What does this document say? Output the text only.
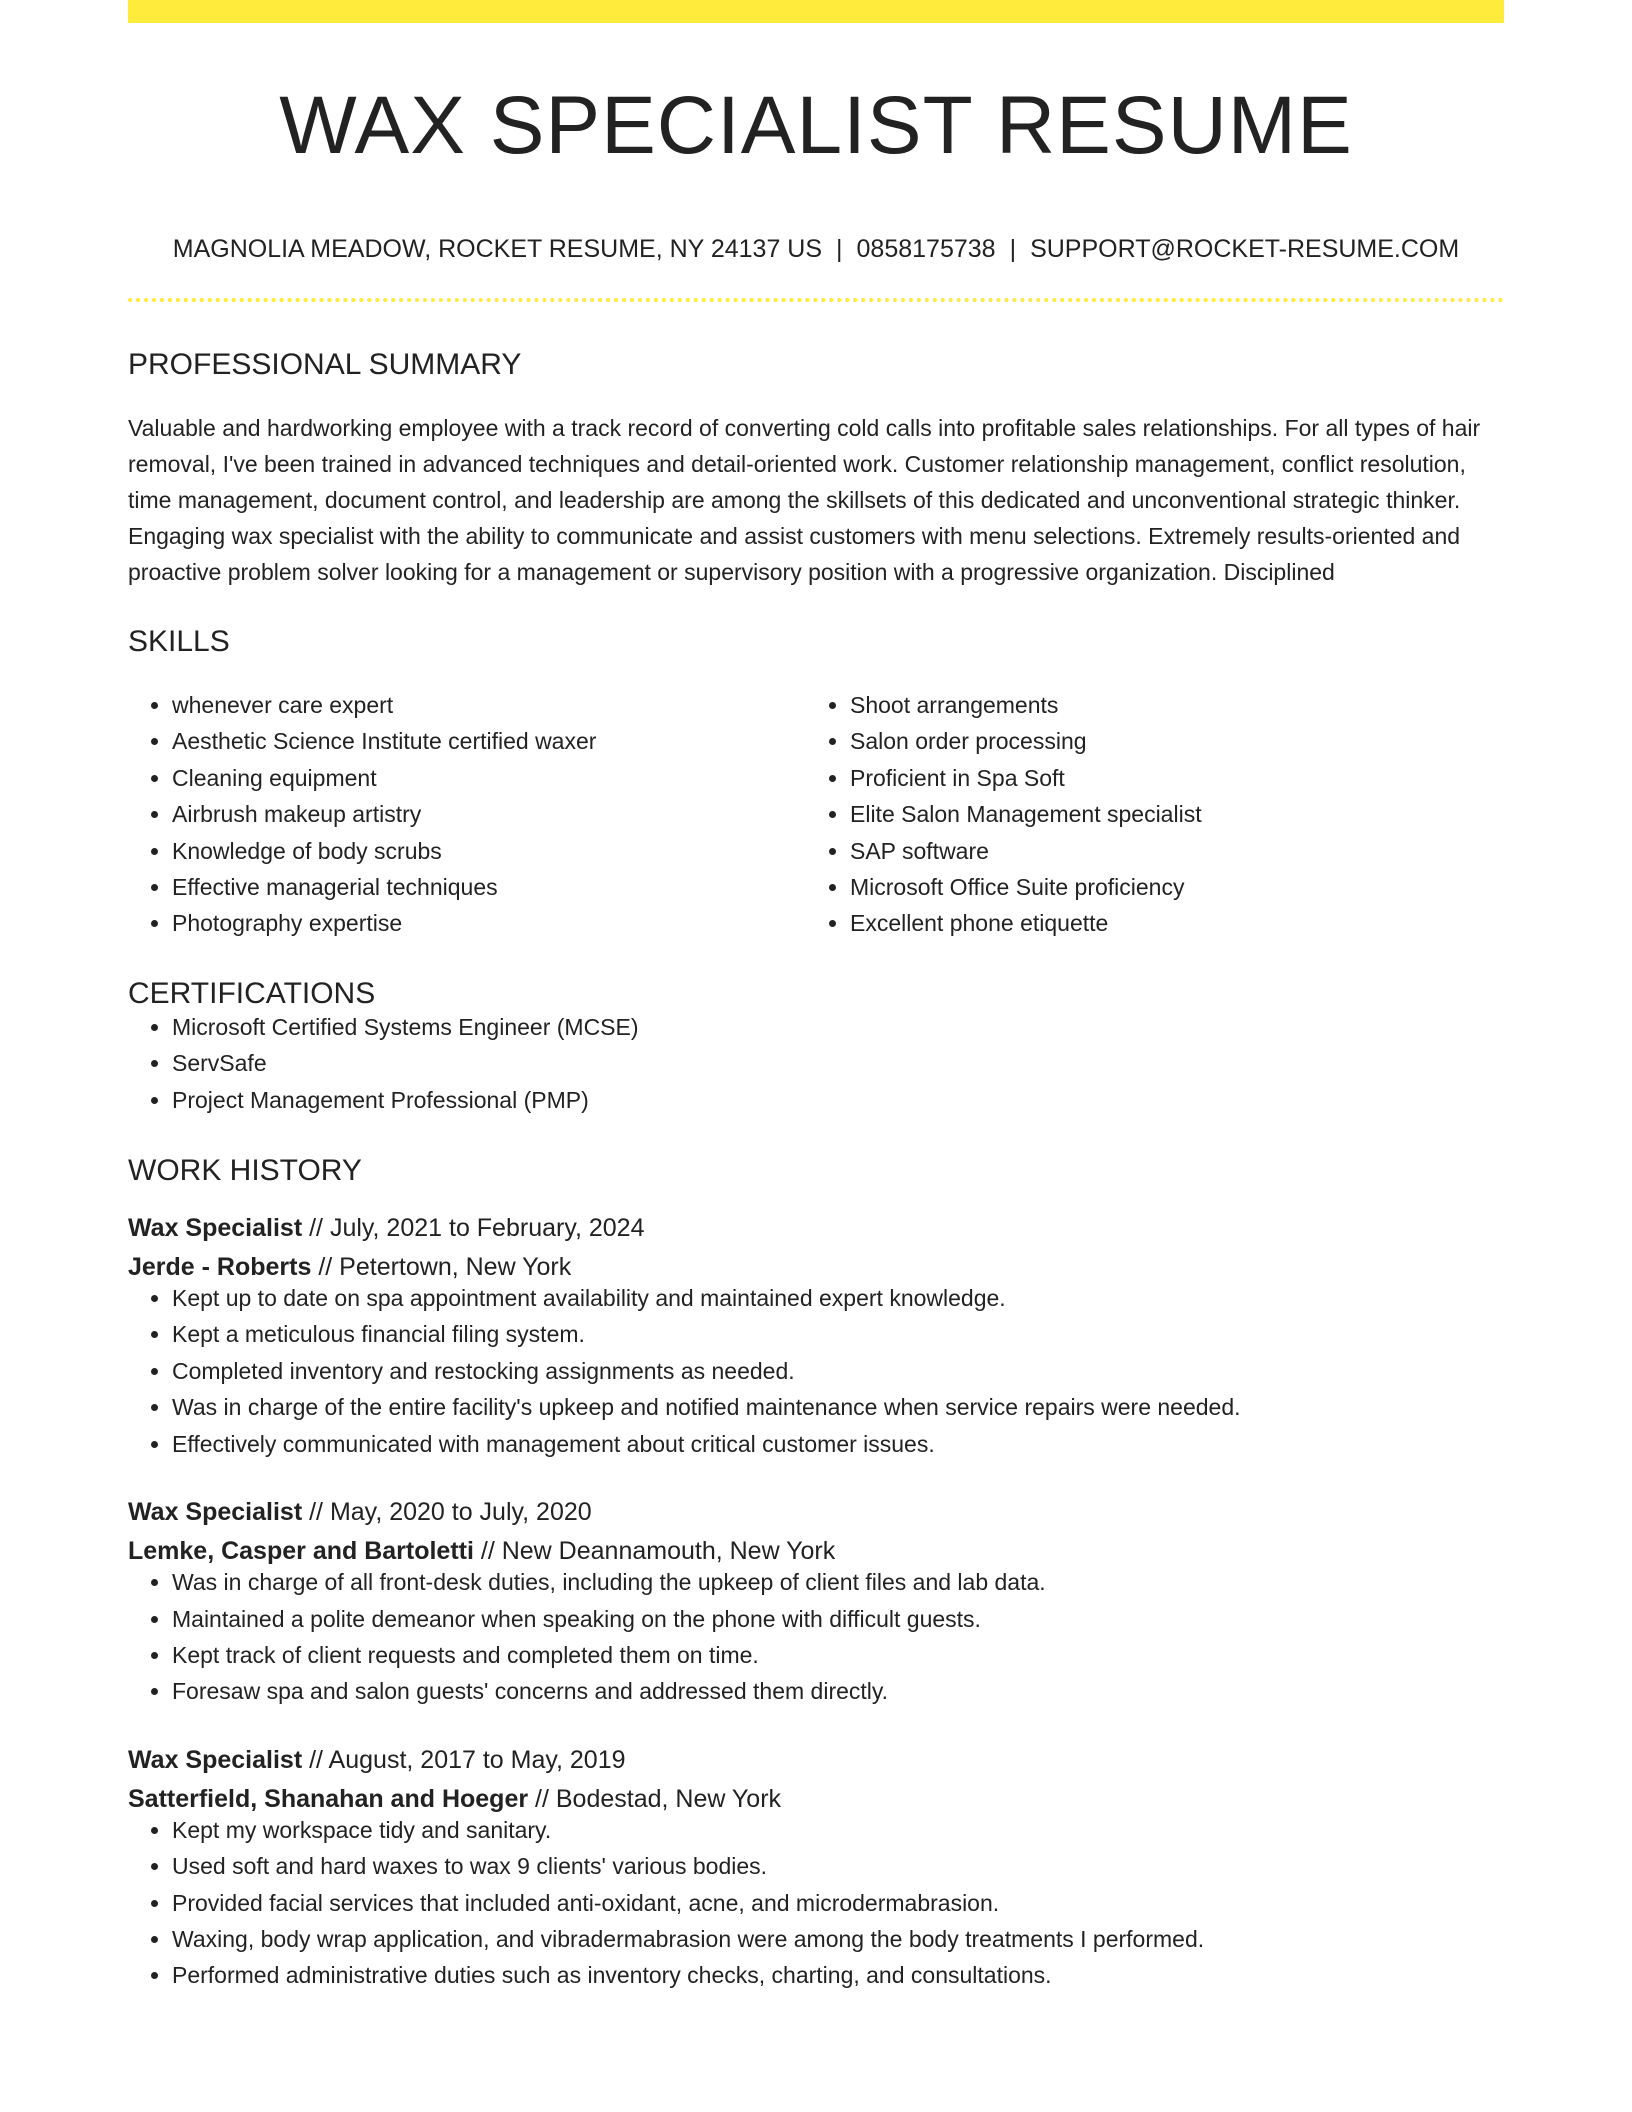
WAX SPECIALIST RESUME
MAGNOLIA MEADOW, ROCKET RESUME, NY 24137 US | 0858175738 | SUPPORT@ROCKET-RESUME.COM
PROFESSIONAL SUMMARY
Valuable and hardworking employee with a track record of converting cold calls into profitable sales relationships. For all types of hair removal, I've been trained in advanced techniques and detail-oriented work. Customer relationship management, conflict resolution, time management, document control, and leadership are among the skillsets of this dedicated and unconventional strategic thinker. Engaging wax specialist with the ability to communicate and assist customers with menu selections. Extremely results-oriented and proactive problem solver looking for a management or supervisory position with a progressive organization. Disciplined
SKILLS
• whenever care expert
• Aesthetic Science Institute certified waxer
• Cleaning equipment
• Airbrush makeup artistry
• Knowledge of body scrubs
• Effective managerial techniques
• Photography expertise
• Shoot arrangements
• Salon order processing
• Proficient in Spa Soft
• Elite Salon Management specialist
• SAP software
• Microsoft Office Suite proficiency
• Excellent phone etiquette
CERTIFICATIONS
• Microsoft Certified Systems Engineer (MCSE)
• ServSafe
• Project Management Professional (PMP)
WORK HISTORY
Wax Specialist // July, 2021 to February, 2024
Jerde - Roberts // Petertown, New York
• Kept up to date on spa appointment availability and maintained expert knowledge.
• Kept a meticulous financial filing system.
• Completed inventory and restocking assignments as needed.
• Was in charge of the entire facility's upkeep and notified maintenance when service repairs were needed.
• Effectively communicated with management about critical customer issues.
Wax Specialist // May, 2020 to July, 2020
Lemke, Casper and Bartoletti // New Deannamouth, New York
• Was in charge of all front-desk duties, including the upkeep of client files and lab data.
• Maintained a polite demeanor when speaking on the phone with difficult guests.
• Kept track of client requests and completed them on time.
• Foresaw spa and salon guests' concerns and addressed them directly.
Wax Specialist // August, 2017 to May, 2019
Satterfield, Shanahan and Hoeger // Bodestad, New York
• Kept my workspace tidy and sanitary.
• Used soft and hard waxes to wax 9 clients' various bodies.
• Provided facial services that included anti-oxidant, acne, and microdermabrasion.
• Waxing, body wrap application, and vibradermabrasion were among the body treatments I performed.
• Performed administrative duties such as inventory checks, charting, and consultations.
